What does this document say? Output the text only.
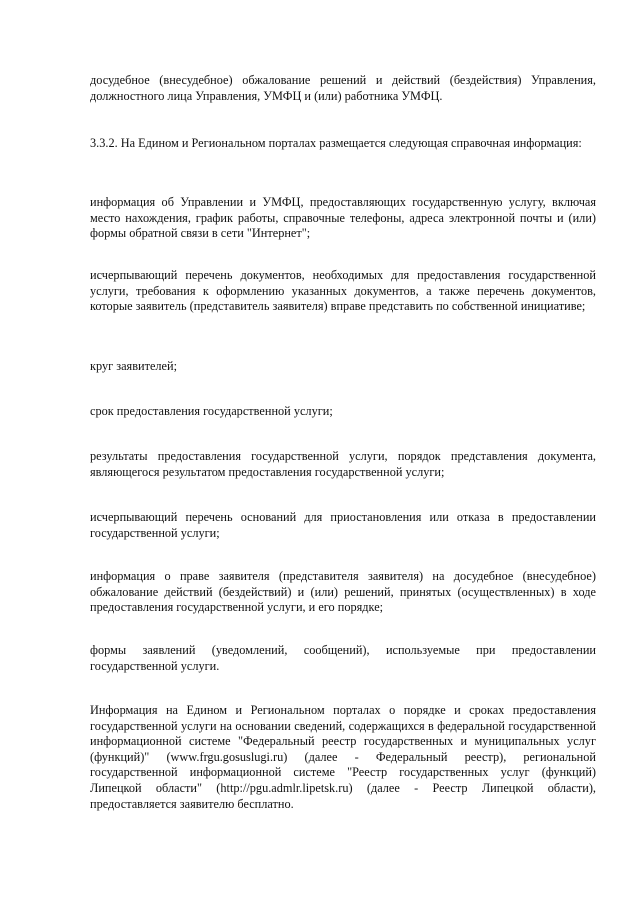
досудебное (внесудебное) обжалование решений и действий (бездействия) Управления, должностного лица Управления, УМФЦ и (или) работника УМФЦ.

3.3.2. На Едином и Региональном порталах размещается следующая справочная информация:

информация об Управлении и УМФЦ, предоставляющих государственную услугу, включая место нахождения, график работы, справочные телефоны, адреса электронной почты и (или) формы обратной связи в сети "Интернет";

исчерпывающий перечень документов, необходимых для предоставления государственной услуги, требования к оформлению указанных документов, а также перечень документов, которые заявитель (представитель заявителя) вправе представить по собственной инициативе;

круг заявителей;

срок предоставления государственной услуги;

результаты предоставления государственной услуги, порядок представления документа, являющегося результатом предоставления государственной услуги;

исчерпывающий перечень оснований для приостановления или отказа в предоставлении государственной услуги;

информация о праве заявителя (представителя заявителя) на досудебное (внесудебное) обжалование действий (бездействий) и (или) решений, принятых (осуществленных) в ходе предоставления государственной услуги, и его порядке;

формы заявлений (уведомлений, сообщений), используемые при предоставлении государственной услуги.

Информация на Едином и Региональном порталах о порядке и сроках предоставления государственной услуги на основании сведений, содержащихся в федеральной государственной информационной системе "Федеральный реестр государственных и муниципальных услуг (функций)" (www.frgu.gosuslugi.ru) (далее - Федеральный реестр), региональной государственной информационной системе "Реестр государственных услуг (функций) Липецкой области" (http://pgu.admlr.lipetsk.ru) (далее - Реестр Липецкой области), предоставляется заявителю бесплатно.
